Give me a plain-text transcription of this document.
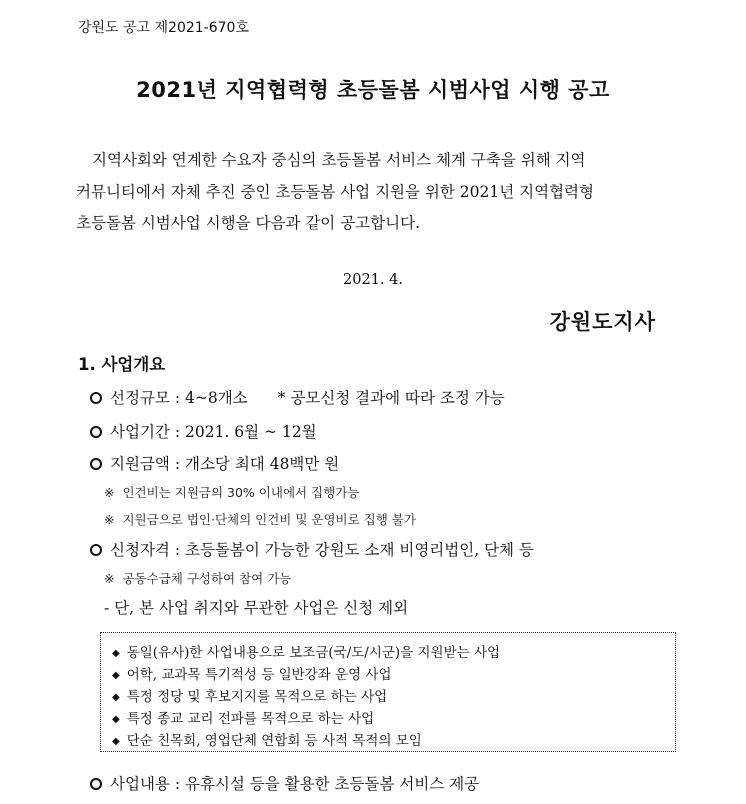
강원도 공고 제2021-670호
2021년 지역협력형 초등돌봄 시범사업 시행 공고
지역사회와 연계한 수요자 중심의 초등돌봄 서비스 체계 구축을 위해 지역
커뮤니티에서 자체 추진 중인 초등돌봄 사업 지원을 위한 2021년 지역협력형
초등돌봄 시범사업 시행을 다음과 같이 공고합니다.
2021. 4.
강원도지사
1. 사업개요
선정규모 : 4~8개소 * 공모신청 결과에 따라 조정 가능
사업기간 : 2021. 6월 ~ 12월
지원금액 : 개소당 최대 48백만 원
※ 인건비는 지원금의 30% 이내에서 집행가능
※ 지원금으로 법인·단체의 인건비 및 운영비로 집행 불가
신청자격 : 초등돌봄이 가능한 강원도 소재 비영리법인, 단체 등
※ 공동수급체 구성하여 참여 가능
- 단, 본 사업 취지와 무관한 사업은 신청 제외
◆ 동일(유사)한 사업내용으로 보조금(국/도/시군)을 지원받는 사업
◆ 어학, 교과목 특기적성 등 일반강좌 운영 사업
◆ 특정 정당 및 후보지지를 목적으로 하는 사업
◆ 특정 종교 교리 전파를 목적으로 하는 사업
◆ 단순 친목회, 영업단체 연합회 등 사적 목적의 모임
사업내용 : 유휴시설 등을 활용한 초등돌봄 서비스 제공
